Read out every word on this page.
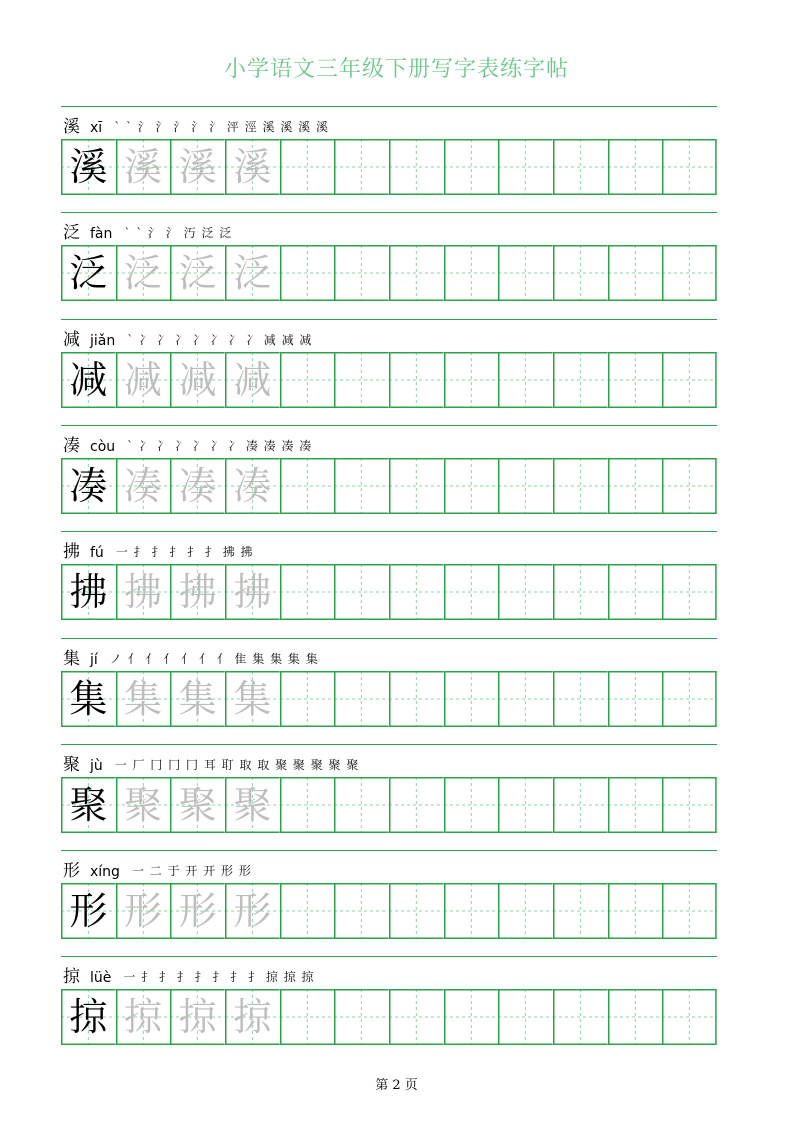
小学语文三年级下册写字表练字帖
溪 xī ` ` 氵 氵 氵 氵 氵 泙 涇 溪 溪 溪 溪
溪 溪 溪 溪
泛 fàn ` ` 氵 氵 汅 泛 泛
泛 泛 泛 泛
减 jiǎn ` 冫 冫 冫 冫 冫 冫 冫 减 减 减
减 减 减 减
凑 còu ` 冫 冫 冫 冫 冫 冫 凑 凑 凑 凑
凑 凑 凑 凑
拂 fú 一 扌 扌 扌 扌 扌 拂 拂
拂 拂 拂 拂
集 jí ノ 亻 亻 亻 亻 亻 亻 隹 集 集 集 集
集 集 集 集
聚 jù 一 厂 冂 冂 冂 耳 耵 取 取 聚 聚 聚 聚 聚
聚 聚 聚 聚
形 xíng 一 二 于 开 开 形 形
形 形 形 形
掠 lüè 一 扌 扌 扌 扌 扌 扌 扌 掠 掠 掠
掠 掠 掠 掠
第 2 页
